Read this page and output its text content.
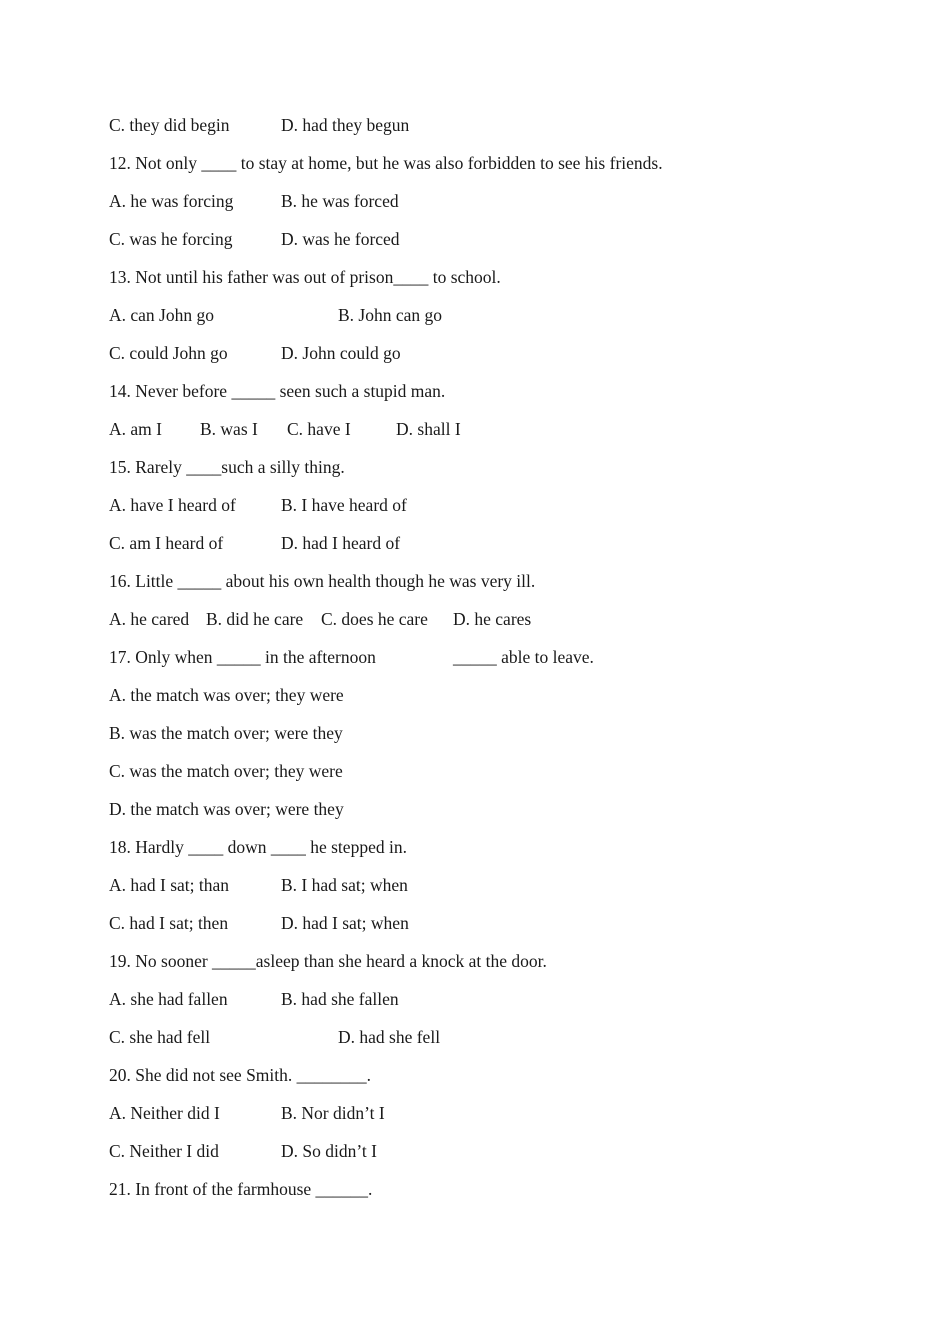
C. they did begin

	D. had they begun

12. Not only ____ to stay at home, but he was also forbidden to see his friends.

A. he was forcing

	B. he was forced

C. was he forcing

	D. was he forced

13. Not until his father was out of prison____ to school.

A. can John go

	B. John can go

C. could John go

	D. John could go

14. Never before _____ seen such a stupid man.

A. am I

B. was I

C. have I

	D. shall I

15. Rarely ____such a silly thing.

A. have I heard of

	B. I have heard of

C. am I heard of

	D. had I heard of

16. Little _____ about his own health though he was very ill.

A. he cared

B. did he care

C. does he care

D. he cares

17. Only when _____ in the afternoon

	_____ able to leave.

A. the match was over; they were
B. was the match over; were they
C. was the match over; they were
D. the match was over; were they
18. Hardly ____ down ____ he stepped in.

A. had I sat; than

	B. I had sat; when

C. had I sat; then

	D. had I sat; when

19. No sooner _____asleep than she heard a knock at the door.

A. she had fallen

	B. had she fallen

C. she had fell

	D. had she fell

20. She did not see Smith. ________.

A. Neither did I

	B. Nor didn’t I

C. Neither I did

	D. So didn’t I

21. In front of the farmhouse ______.
